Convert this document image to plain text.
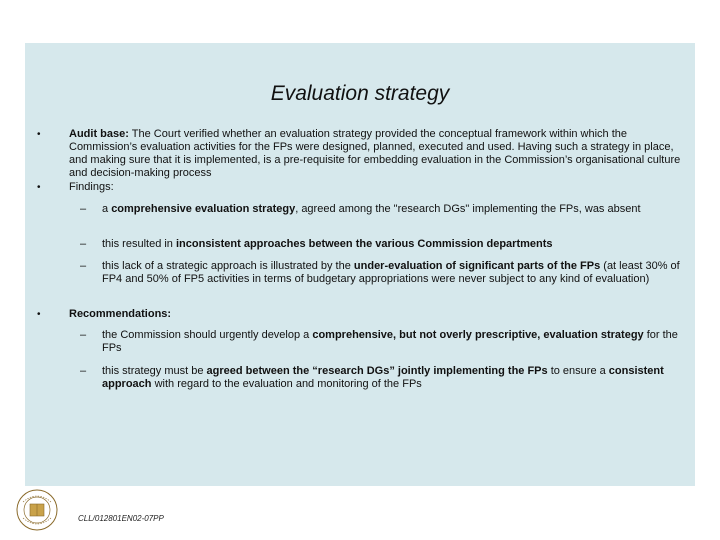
Evaluation strategy
•	Audit base: The Court verified whether an evaluation strategy provided the conceptual framework within which the Commission’s evaluation activities for the FPs were designed, planned, executed and used. Having such a strategy in place, and making sure that it is implemented, is a pre-requisite for embedding evaluation in the Commission’s organisational culture and decision-making process
•	Findings:
– a comprehensive evaluation strategy, agreed among the "research DGs" implementing the FPs, was absent
– this resulted in inconsistent approaches between the various Commission departments
– this lack of a strategic approach is illustrated by the under-evaluation of significant parts of the FPs (at least 30% of FP4 and 50% of FP5 activities in terms of budgetary appropriations were never subject to any kind of evaluation)
•	Recommendations:
– the Commission should urgently develop a comprehensive, but not overly prescriptive, evaluation strategy for the FPs
– this strategy must be agreed between the “research DGs” jointly implementing the FPs to ensure a consistent approach with regard to the evaluation and monitoring of the FPs
CLL/012801EN02-07PP
